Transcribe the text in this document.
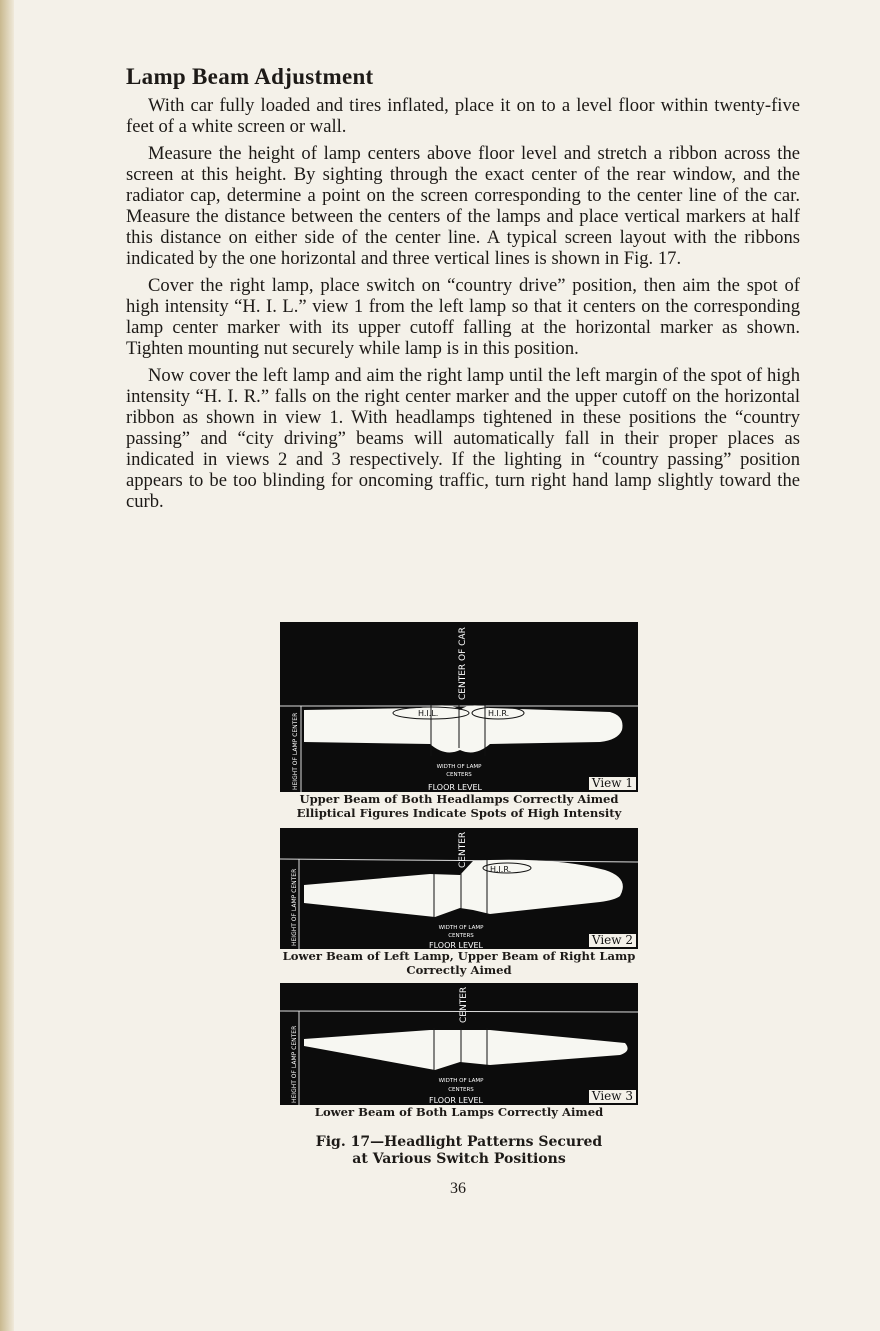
Lamp Beam Adjustment

With car fully loaded and tires inflated, place it on to a level floor within twenty-five feet of a white screen or wall.

Measure the height of lamp centers above floor level and stretch a ribbon across the screen at this height. By sighting through the exact center of the rear window, and the radiator cap, determine a point on the screen corresponding to the center line of the car. Measure the distance between the centers of the lamps and place vertical markers at half this distance on either side of the center line. A typical screen layout with the ribbons indicated by the one horizontal and three vertical lines is shown in Fig. 17.

Cover the right lamp, place switch on “country drive” position, then aim the spot of high intensity “H. I. L.” view 1 from the left lamp so that it centers on the corresponding lamp center marker with its upper cutoff falling at the horizontal marker as shown. Tighten mounting nut securely while lamp is in this position.

Now cover the left lamp and aim the right lamp until the left margin of the spot of high intensity “H. I. R.” falls on the right center marker and the upper cutoff on the horizontal ribbon as shown in view 1. With headlamps tightened in these positions the “country passing” and “city driving” beams will automatically fall in their proper places as indicated in views 2 and 3 respectively. If the lighting in “country passing” position appears to be too blinding for oncoming traffic, turn right hand lamp slightly toward the curb.

CENTER OF CAR
HEIGHT OF LAMP CENTER	H.I.L.	H.I.R.
WIDTH OF LAMP
CENTERS
FLOOR LEVEL	View 1
Upper Beam of Both Headlamps Correctly Aimed Elliptical Figures Indicate Spots of High Intensity
CENTER
HEIGHT OF LAMP CENTER	H.I.R.
WIDTH OF LAMP
CENTERS
FLOOR LEVEL	View 2
Lower Beam of Left Lamp, Upper Beam of Right Lamp Correctly Aimed
CENTER
HEIGHT OF LAMP CENTER	WIDTH OF LAMP
CENTERS
FLOOR LEVEL	View 3
Lower Beam of Both Lamps Correctly Aimed
Fig. 17—Headlight Patterns Secured
at Various Switch Positions
36
